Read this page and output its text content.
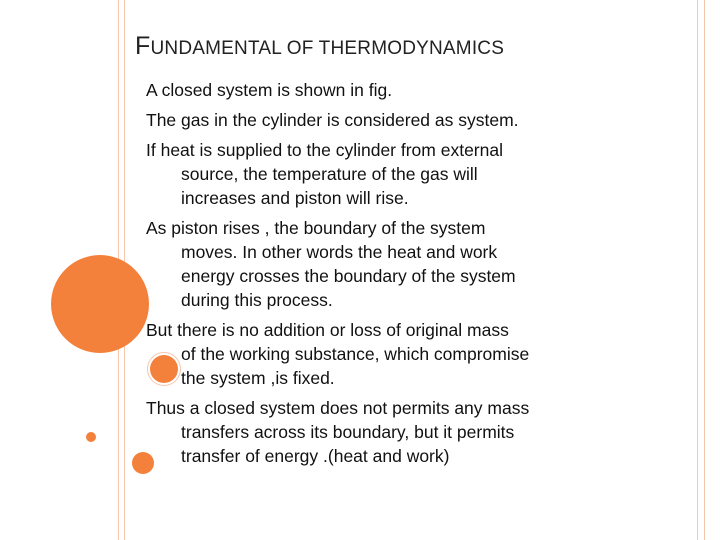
FUNDAMENTAL OF THERMODYNAMICS
A closed system is shown in fig.
The gas in the cylinder is considered as system.
If heat is supplied to the cylinder from external
source, the temperature of the gas will
increases and piston will rise.
As piston rises , the boundary of the system
moves. In other words the heat and work
energy crosses the boundary of the system
during this process.
But there is no addition or loss of original mass
of the working substance, which compromise
the system ,is fixed.
Thus a closed system does not permits any mass
transfers across its boundary, but it permits
transfer of energy .(heat and work)
